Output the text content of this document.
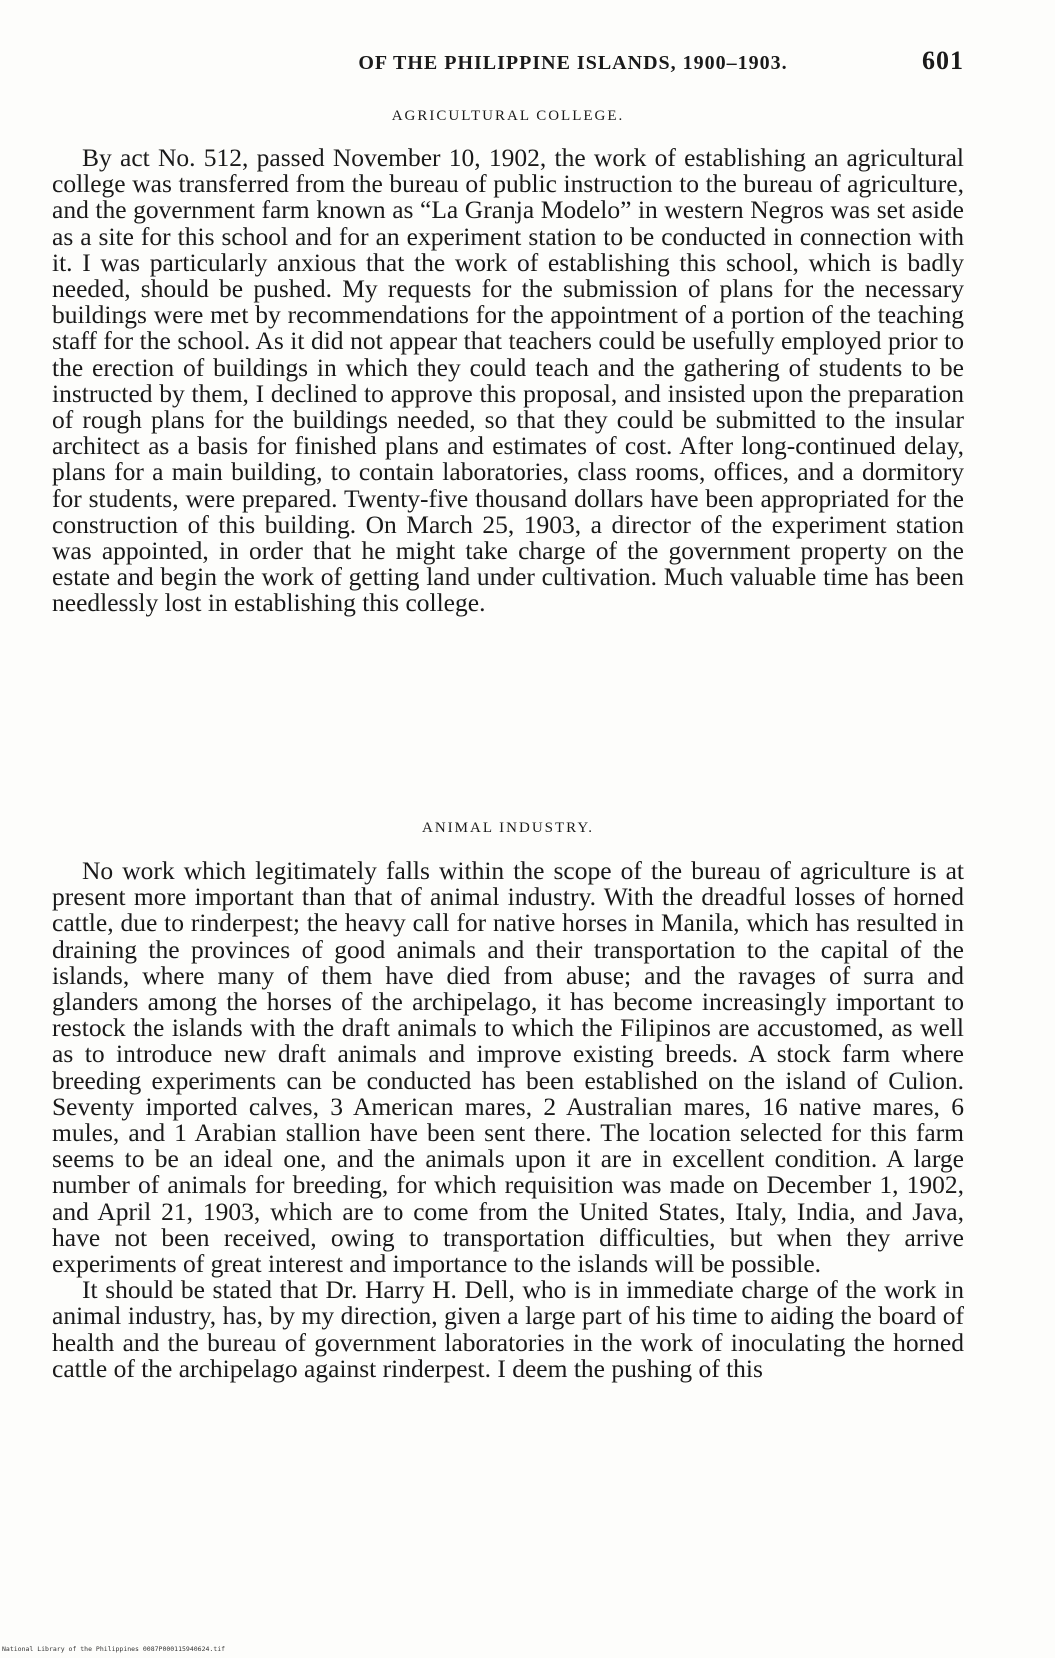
OF THE PHILIPPINE ISLANDS, 1900–1903.	601
AGRICULTURAL COLLEGE.

By act No. 512, passed November 10, 1902, the work of establishing an agricultural college was transferred from the bureau of public instruction to the bureau of agriculture, and the government farm known as “La Granja Modelo” in western Negros was set aside as a site for this school and for an experiment station to be conducted in connection with it. I was particularly anxious that the work of establishing this school, which is badly needed, should be pushed. My requests for the submission of plans for the necessary buildings were met by recommendations for the appointment of a portion of the teaching staff for the school. As it did not appear that teachers could be usefully employed prior to the erection of buildings in which they could teach and the gathering of students to be instructed by them, I declined to approve this proposal, and insisted upon the preparation of rough plans for the buildings needed, so that they could be submitted to the insular architect as a basis for finished plans and estimates of cost. After long-continued delay, plans for a main building, to contain laboratories, class rooms, offices, and a dormitory for students, were prepared. Twenty-five thousand dollars have been appropriated for the construction of this building. On March 25, 1903, a director of the experiment station was appointed, in order that he might take charge of the government property on the estate and begin the work of getting land under cultivation. Much valuable time has been needlessly lost in establishing this college.

ANIMAL INDUSTRY.

No work which legitimately falls within the scope of the bureau of agriculture is at present more important than that of animal industry. With the dreadful losses of horned cattle, due to rinderpest; the heavy call for native horses in Manila, which has resulted in draining the provinces of good animals and their transportation to the capital of the islands, where many of them have died from abuse; and the ravages of surra and glanders among the horses of the archipelago, it has become increasingly important to restock the islands with the draft animals to which the Filipinos are accustomed, as well as to introduce new draft animals and improve existing breeds. A stock farm where breeding experiments can be conducted has been established on the island of Culion. Seventy imported calves, 3 American mares, 2 Australian mares, 16 native mares, 6 mules, and 1 Arabian stallion have been sent there. The location selected for this farm seems to be an ideal one, and the animals upon it are in excellent condition. A large number of animals for breeding, for which requisition was made on December 1, 1902, and April 21, 1903, which are to come from the United States, Italy, India, and Java, have not been received, owing to transportation difficulties, but when they arrive experiments of great interest and importance to the islands will be possible.

It should be stated that Dr. Harry H. Dell, who is in immediate charge of the work in animal industry, has, by my direction, given a large part of his time to aiding the board of health and the bureau of government laboratories in the work of inoculating the horned cattle of the archipelago against rinderpest. I deem the pushing of this

National Library of the Philippines 0087P000115940624.tif
